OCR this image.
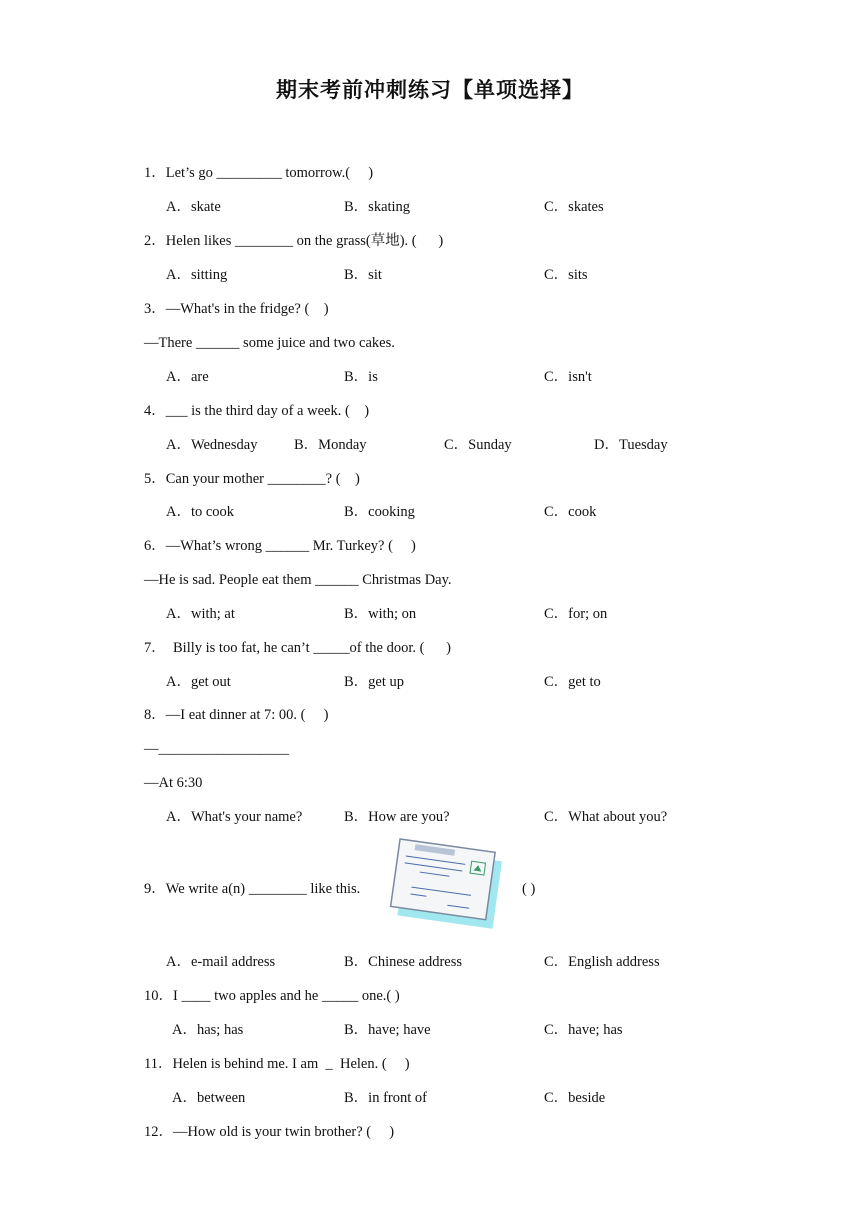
期末考前冲刺练习【单项选择】
1．Let’s go _________ tomorrow.(     )
A．skate	B．skating	C．skates
2．Helen likes ________ on the grass(草地). (      )
A．sitting	B．sit	C．sits
3．—What's in the fridge? (    )
—There ______ some juice and two cakes.
A．are	B．is	C．isn't
4．___ is the third day of a week. (    )
A．Wednesday	B．Monday	C．Sunday	D．Tuesday
5．Can your mother ________? (    )
A．to cook	B．cooking	C．cook
6．—What’s wrong ______ Mr. Turkey? (     )
—He is sad. People eat them ______ Christmas Day.
A．with; at	B．with; on	C．for; on
7．  Billy is too fat, he can’t _____of the door. (      )
A．get out	B．get up	C．get to
8．—I eat dinner at 7: 00. (     )
—__________________
—At 6:30
A．What's your name?	B．How are you?	C．What about you?
9．We write a(n) ________ like this.	( )
A．e-mail address	B．Chinese address	C．English address
10．I ____ two apples and he _____ one.( )
A．has; has	B．have; have	C．have; has
11．Helen is behind me. I am  _  Helen. (     )
A．between	B．in front of	C．beside
12．—How old is your twin brother? (     )
